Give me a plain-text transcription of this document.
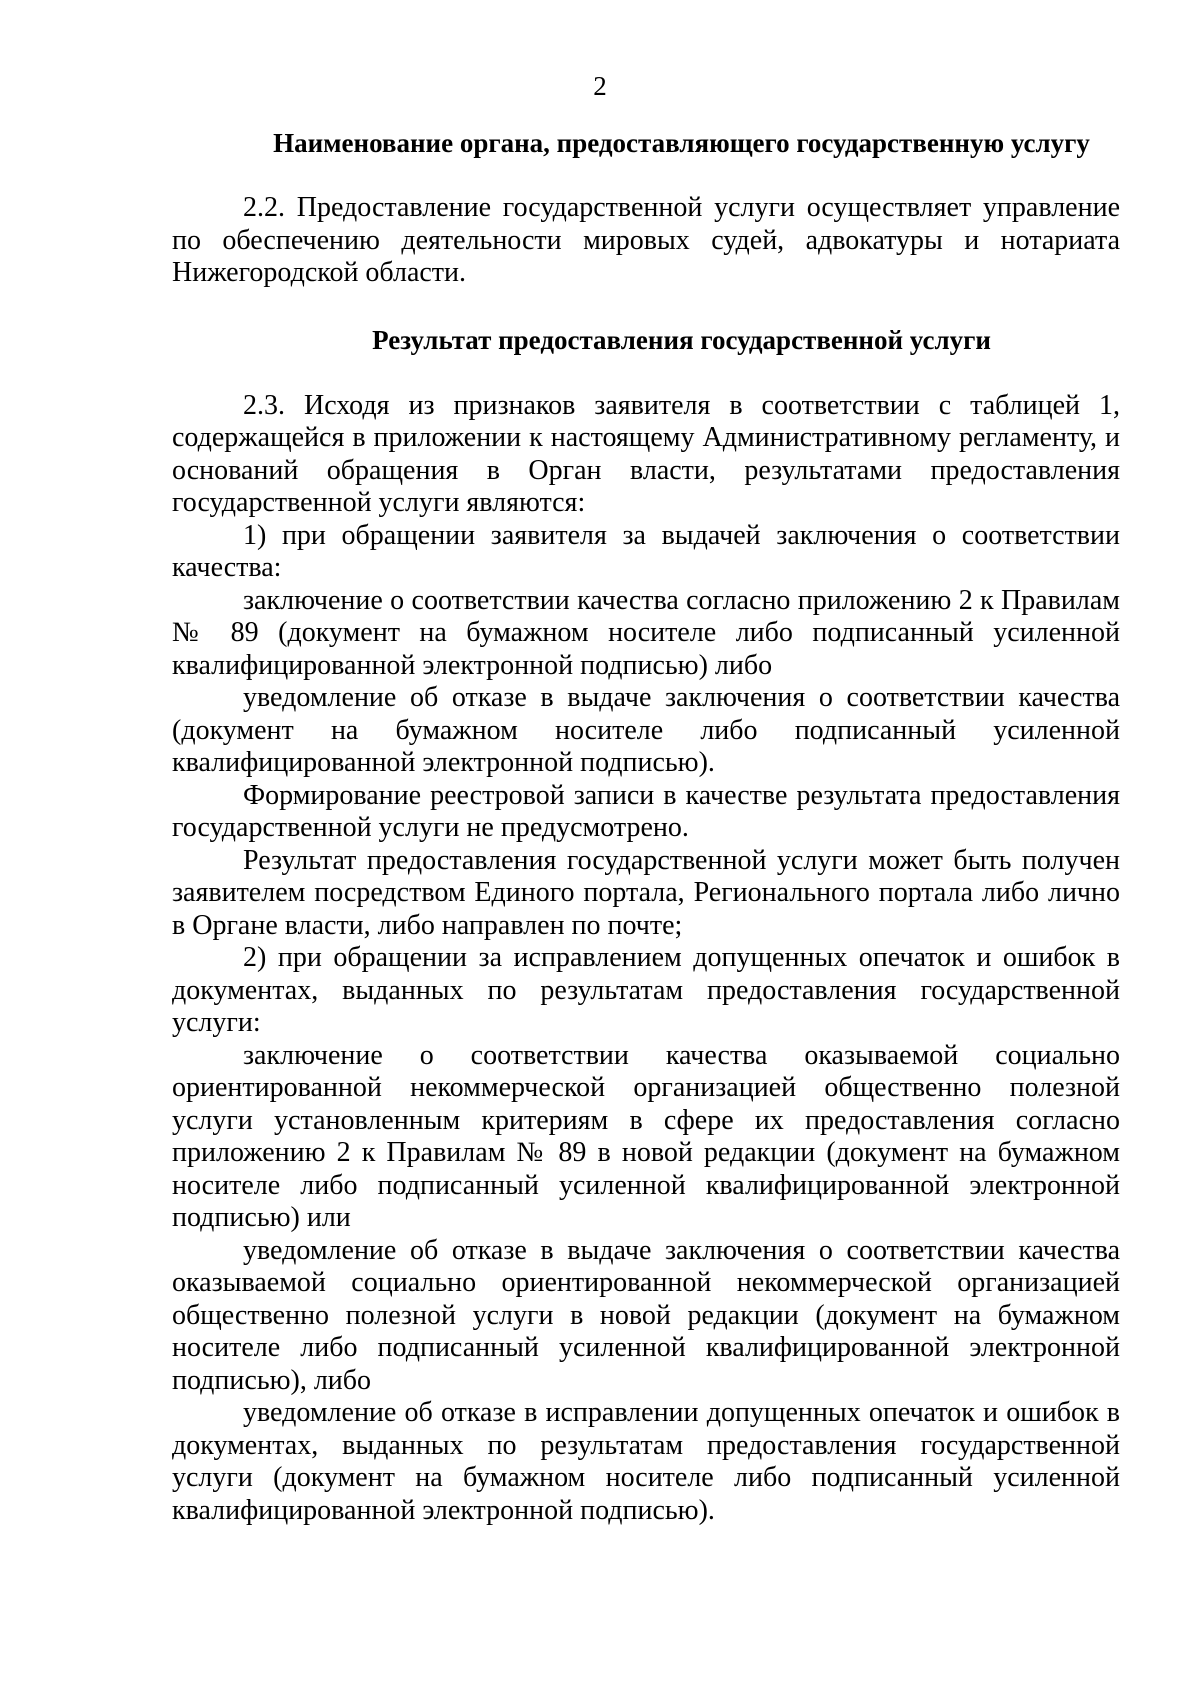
2
Наименование органа, предоставляющего государственную услугу

2.2. Предоставление государственной услуги осуществляет управление по обеспечению деятельности мировых судей, адвокатуры и нотариата Нижегородской области.

Результат предоставления государственной услуги

2.3. Исходя из признаков заявителя в соответствии с таблицей 1, содержащейся в приложении к настоящему Административному регламенту, и оснований обращения в Орган власти, результатами предоставления государственной услуги являются:

1) при обращении заявителя за выдачей заключения о соответствии качества:

заключение о соответствии качества согласно приложению 2 к Правилам № 89 (документ на бумажном носителе либо подписанный усиленной квалифицированной электронной подписью) либо

уведомление об отказе в выдаче заключения о соответствии качества (документ на бумажном носителе либо подписанный усиленной квалифицированной электронной подписью).

Формирование реестровой записи в качестве результата предоставления государственной услуги не предусмотрено.

Результат предоставления государственной услуги может быть получен заявителем посредством Единого портала, Регионального портала либо лично в Органе власти, либо направлен по почте;

2) при обращении за исправлением допущенных опечаток и ошибок в документах, выданных по результатам предоставления государственной услуги:

заключение о соответствии качества оказываемой социально ориентированной некоммерческой организацией общественно полезной услуги установленным критериям в сфере их предоставления согласно приложению 2 к Правилам № 89 в новой редакции (документ на бумажном носителе либо подписанный усиленной квалифицированной электронной подписью) или

уведомление об отказе в выдаче заключения о соответствии качества оказываемой социально ориентированной некоммерческой организацией общественно полезной услуги в новой редакции (документ на бумажном носителе либо подписанный усиленной квалифицированной электронной подписью), либо

уведомление об отказе в исправлении допущенных опечаток и ошибок в документах, выданных по результатам предоставления государственной услуги (документ на бумажном носителе либо подписанный усиленной квалифицированной электронной подписью).
